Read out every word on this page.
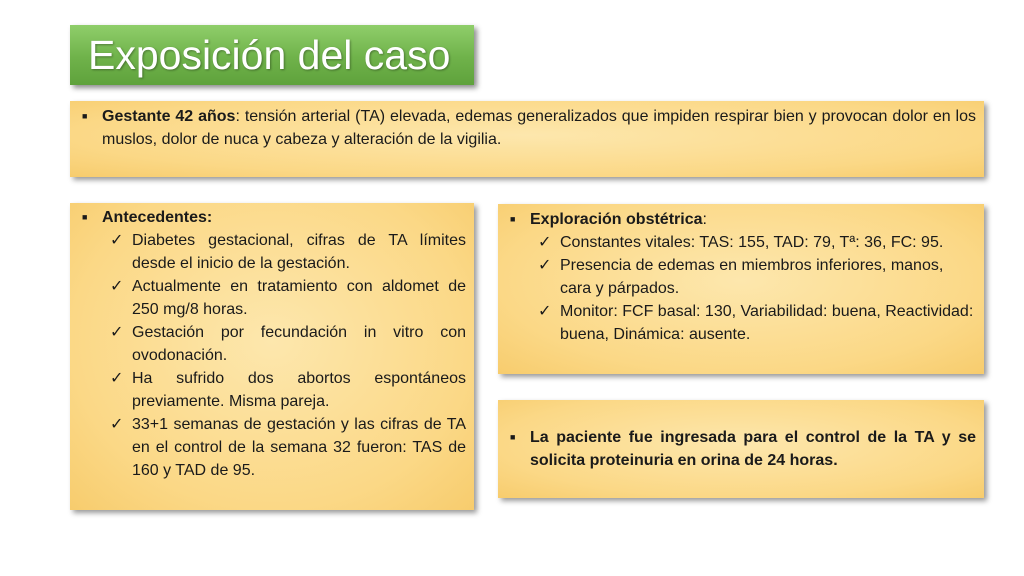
Exposición del caso
■ Gestante 42 años: tensión arterial (TA) elevada, edemas generalizados que impiden respirar bien y provocan dolor en los muslos, dolor de nuca y cabeza y alteración de la vigilia.
■ Antecedentes:
✓ Diabetes gestacional, cifras de TA límites desde el inicio de la gestación.
✓ Actualmente en tratamiento con aldomet de 250 mg/8 horas.
✓ Gestación por fecundación in vitro con ovodonación.
✓ Ha sufrido dos abortos espontáneos previamente. Misma pareja.
✓ 33+1 semanas de gestación y las cifras de TA en el control de la semana 32 fueron: TAS de 160 y TAD de 95.
■ Exploración obstétrica:
✓ Constantes vitales: TAS: 155, TAD: 79, Tª: 36, FC: 95.
✓ Presencia de edemas en miembros inferiores, manos, cara y párpados.
✓ Monitor: FCF basal: 130, Variabilidad: buena, Reactividad: buena, Dinámica: ausente.
■ La paciente fue ingresada para el control de la TA y se solicita proteinuria en orina de 24 horas.
